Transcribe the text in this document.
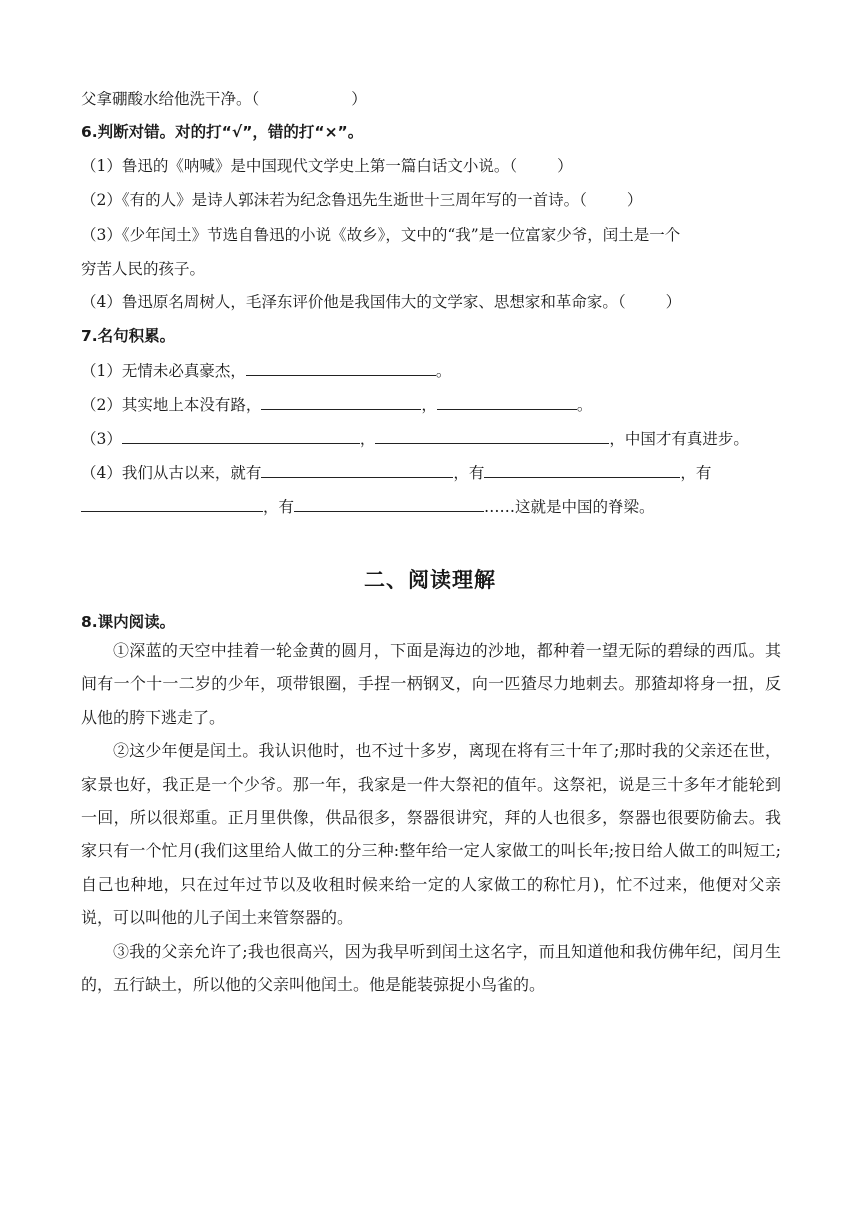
父拿硼酸水给他洗干净。（	）
6.判断对错。对的打“√”，错的打“×”。
（1）鲁迅的《呐喊》是中国现代文学史上第一篇白话文小说。（	）
（2）《有的人》是诗人郭沫若为纪念鲁迅先生逝世十三周年写的一首诗。（	）
（3）《少年闰土》节选自鲁迅的小说《故乡》，文中的“我”是一位富家少爷，闰土是一个
穷苦人民的孩子。
（4）鲁迅原名周树人，毛泽东评价他是我国伟大的文学家、思想家和革命家。（	）
7.名句积累。
（1）无情未必真豪杰，	。
（2）其实地上本没有路，	，	。
（3）	，	，中国才有真进步。
（4）我们从古以来，就有	，有	，有
，有	……这就是中国的脊梁。
二、阅读理解
8.课内阅读。

①深蓝的天空中挂着一轮金黄的圆月，下面是海边的沙地，都种着一望无际的碧绿的西瓜。其间有一个十一二岁的少年，项带银圈，手捏一柄钢叉，向一匹猹尽力地刺去。那猹却将身一扭，反从他的胯下逃走了。

②这少年便是闰土。我认识他时，也不过十多岁，离现在将有三十年了;那时我的父亲还在世，家景也好，我正是一个少爷。那一年，我家是一件大祭祀的值年。这祭祀，说是三十多年才能轮到一回，所以很郑重。正月里供像，供品很多，祭器很讲究，拜的人也很多，祭器也很要防偷去。我家只有一个忙月(我们这里给人做工的分三种:整年给一定人家做工的叫长年;按日给人做工的叫短工;自己也种地，只在过年过节以及收租时候来给一定的人家做工的称忙月)，忙不过来，他便对父亲说，可以叫他的儿子闰土来管祭器的。

③我的父亲允许了;我也很高兴，因为我早听到闰土这名字，而且知道他和我仿佛年纪，闰月生的，五行缺土，所以他的父亲叫他闰土。他是能装弶捉小鸟雀的。
